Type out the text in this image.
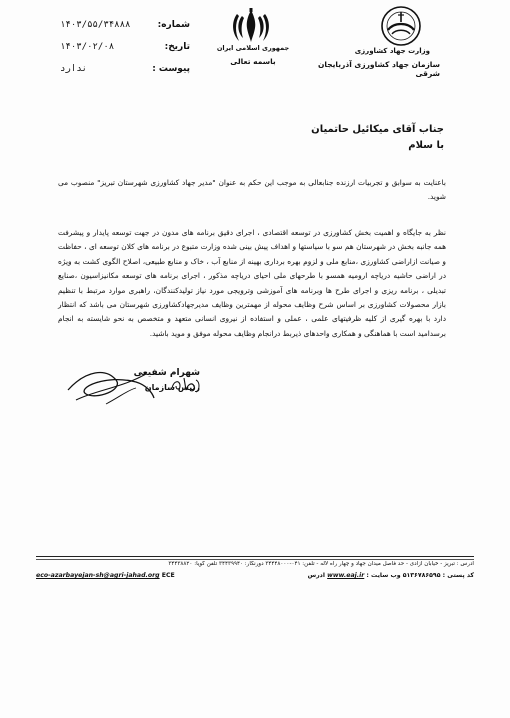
شماره:
۱۴۰۳/۵۵/۳۴۸۸۸
تاریخ:
۱۴۰۳/۰۲/۰۸
پیوست :
ندارد
جمهوری اسلامی ایران
باسمه تعالی
وزارت جهاد کشاورزی
سازمان جهاد کشاورزی آذربایجان شرقی
جناب آقای میکائیل حاتمیان
با سلام
باعنایت به سوابق و تجربیات ارزنده جنابعالی به موجب این حکم به عنوان "مدیر جهاد کشاورزی شهرستان تبریز" منصوب می شوید.
نظر به جایگاه و اهمیت بخش کشاورزی در توسعه اقتصادی ، اجرای دقیق برنامه های مدون در جهت توسعه پایدار و پیشرفت همه جانبه بخش در شهرستان هم سو با سیاستها و اهداف پیش بینی شده وزارت متبوع در برنامه های کلان توسعه ای ، حفاظت و صیانت ازاراضی کشاورزی ،منابع ملی و لزوم بهره برداری بهینه از منابع آب ، خاک و منابع طبیعی، اصلاح الگوی کشت به ویژه در اراضی حاشیه دریاچه ارومیه همسو با طرحهای ملی احیای دریاچه مذکور ، اجرای برنامه های توسعه مکانیزاسیون ،صنایع تبدیلی ، برنامه ریزی و اجرای طرح ها وبرنامه های آموزشی وترویجی مورد نیاز تولیدکنندگان، راهبری موارد مرتبط با تنظیم بازار محصولات کشاورزی بر اساس شرح وظایف محوله از مهمترین وظایف مدیرجهادکشاورزی شهرستان می باشد که انتظار دارد با بهره گیری از کلیه ظرفیتهای علمی ، عملی و استفاده از نیروی انسانی متعهد و متخصص به نحو شایسته به انجام برسدامید است با هماهنگی و همکاری واحدهای ذیربط درانجام وظایف محوله موفق و موید باشید.
شهرام شفیعی
رئیس سازمان
آدرس : تبریز - خیابان آزادی - حد فاصل میدان جهاد و چهار راه لاله - تلفن: ۰۴۱-۳۴۴۴۸۰۰۰ دورنگار: ۳۴۴۳۹۹۴۰ تلفن گویا: ۳۴۴۳۸۸۲۰
eco-azarbayejan-sh@agri-jahad.org ECE	آدرس www.eaj.ir کد پستی : ۵۱۳۶۷۸۶۵۹۵ وب سایت :
